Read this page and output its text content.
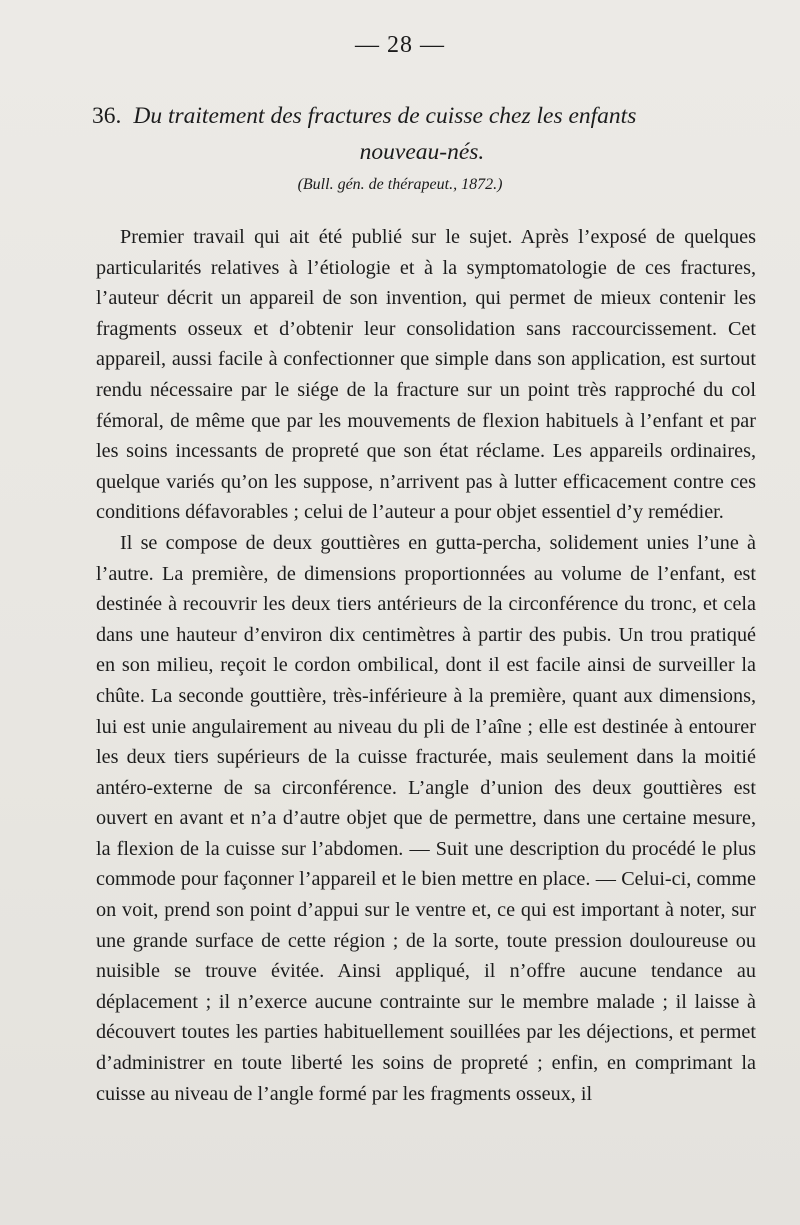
— 28 —
36. Du traitement des fractures de cuisse chez les enfants
nouveau-nés.
(Bull. gén. de thérapeut., 1872.)

Premier travail qui ait été publié sur le sujet. Après l’exposé de quelques particularités relatives à l’étiologie et à la symptomatologie de ces fractures, l’auteur décrit un appareil de son invention, qui permet de mieux contenir les fragments osseux et d’obtenir leur consolidation sans raccourcissement. Cet appareil, aussi facile à confectionner que simple dans son application, est surtout rendu nécessaire par le siége de la fracture sur un point très rapproché du col fémoral, de même que par les mouvements de flexion habituels à l’enfant et par les soins incessants de propreté que son état réclame. Les appareils ordinaires, quelque variés qu’on les suppose, n’arrivent pas à lutter efficacement contre ces conditions défavorables ; celui de l’auteur a pour objet essentiel d’y remédier.

Il se compose de deux gouttières en gutta-percha, solidement unies l’une à l’autre. La première, de dimensions proportionnées au volume de l’enfant, est destinée à recouvrir les deux tiers antérieurs de la circonférence du tronc, et cela dans une hauteur d’environ dix centimètres à partir des pubis. Un trou pratiqué en son milieu, reçoit le cordon ombilical, dont il est facile ainsi de surveiller la chûte. La seconde gouttière, très-inférieure à la première, quant aux dimensions, lui est unie angulairement au niveau du pli de l’aîne ; elle est destinée à entourer les deux tiers supérieurs de la cuisse fracturée, mais seulement dans la moitié antéro-externe de sa circonférence. L’angle d’union des deux gouttières est ouvert en avant et n’a d’autre objet que de permettre, dans une certaine mesure, la flexion de la cuisse sur l’abdomen. — Suit une description du procédé le plus commode pour façonner l’appareil et le bien mettre en place. — Celui-ci, comme on voit, prend son point d’appui sur le ventre et, ce qui est important à noter, sur une grande surface de cette région ; de la sorte, toute pression douloureuse ou nuisible se trouve évitée. Ainsi appliqué, il n’offre aucune tendance au déplacement ; il n’exerce aucune contrainte sur le membre malade ; il laisse à découvert toutes les parties habituellement souillées par les déjections, et permet d’administrer en toute liberté les soins de propreté ; enfin, en comprimant la cuisse au niveau de l’angle formé par les fragments osseux, il
